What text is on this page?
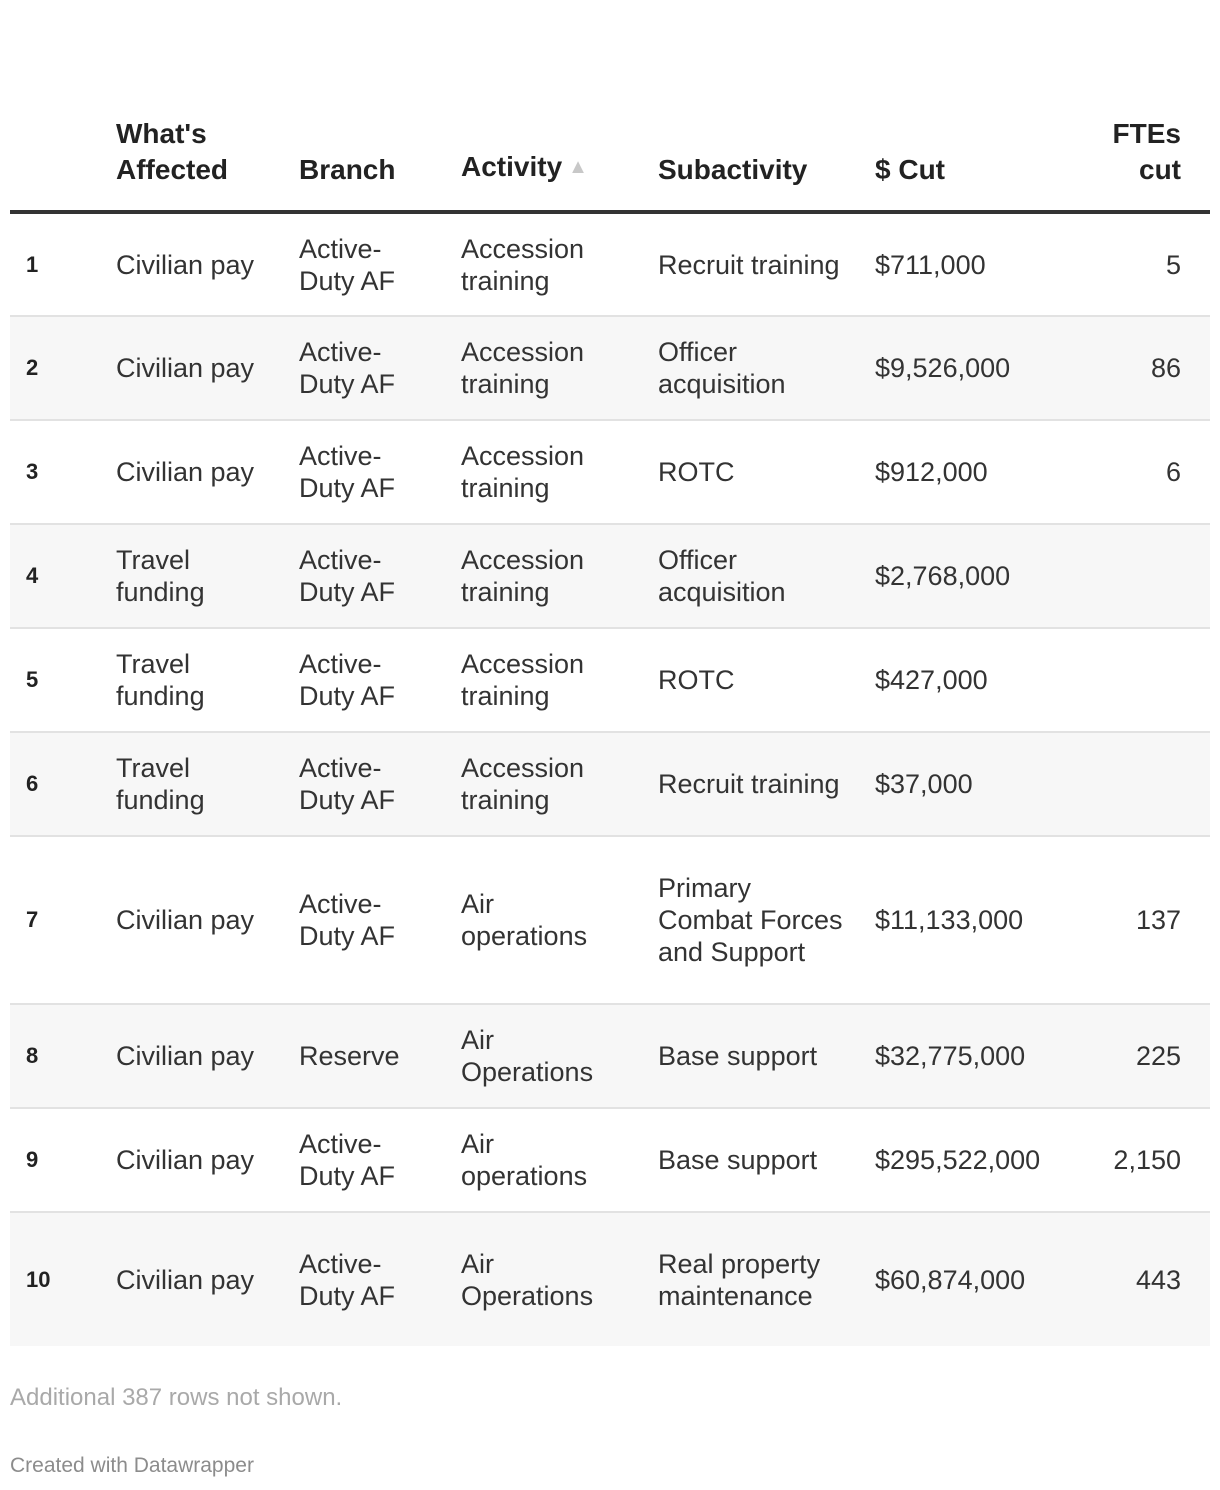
	What's Affected	Branch	Activity ▲	Subactivity	$ Cut	FTEs cut
1	Civilian pay	Active-Duty AF	Accession training	Recruit training	$711,000	5
2	Civilian pay	Active-Duty AF	Accession training	Officer acquisition	$9,526,000	86
3	Civilian pay	Active-Duty AF	Accession training	ROTC	$912,000	6
4	Travel funding	Active-Duty AF	Accession training	Officer acquisition	$2,768,000	
5	Travel funding	Active-Duty AF	Accession training	ROTC	$427,000	
6	Travel funding	Active-Duty AF	Accession training	Recruit training	$37,000	
7	Civilian pay	Active-Duty AF	Air operations	Primary Combat Forces and Support	$11,133,000	137
8	Civilian pay	Reserve	Air Operations	Base support	$32,775,000	225
9	Civilian pay	Active-Duty AF	Air operations	Base support	$295,522,000	2,150
10	Civilian pay	Active-Duty AF	Air Operations	Real property maintenance	$60,874,000	443
Additional 387 rows not shown.
Created with Datawrapper
